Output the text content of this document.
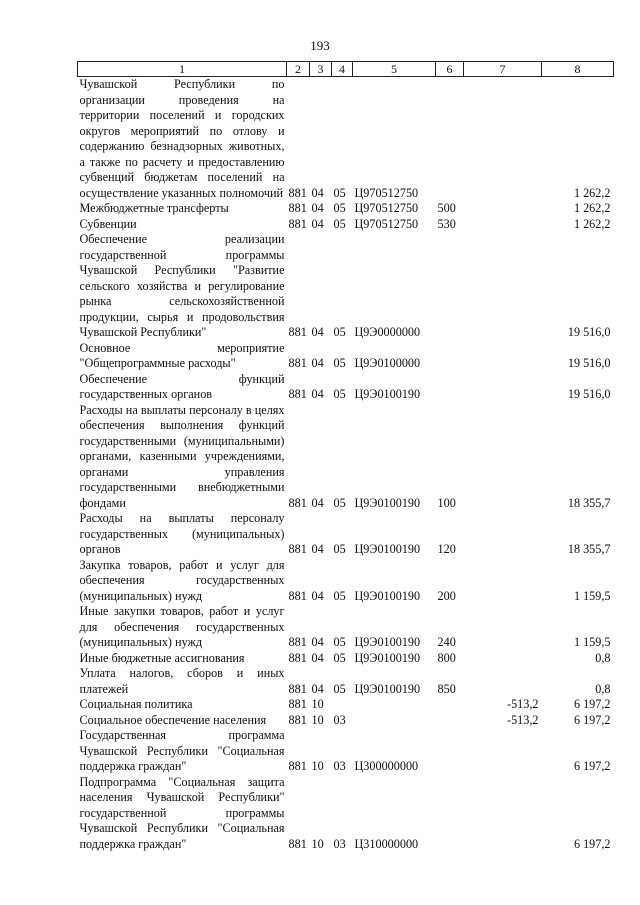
193
1	2	3	4	5	6	7	8
Чувашской Республики по организации проведения на территории поселений и городских округов мероприятий по отлову и содержанию безнадзорных животных, а также по расчету и предоставлению субвенций бюджетам поселений на осуществление указанных полномочий	881	04	05	Ц970512750			1 262,2
Межбюджетные трансферты	881	04	05	Ц970512750	500		1 262,2
Субвенции	881	04	05	Ц970512750	530		1 262,2
Обеспечение реализации государственной программы Чувашской Республики "Развитие сельского хозяйства и регулирование рынка сельскохозяйственной продукции, сырья и продовольствия Чувашской Республики"	881	04	05	Ц9Э0000000			19 516,0
Основное мероприятие "Общепрограммные расходы"	881	04	05	Ц9Э0100000			19 516,0
Обеспечение функций государственных органов	881	04	05	Ц9Э0100190			19 516,0
Расходы на выплаты персоналу в целях обеспечения выполнения функций государственными (муниципальными) органами, казенными учреждениями, органами управления государственными внебюджетными фондами	881	04	05	Ц9Э0100190	100		18 355,7
Расходы на выплаты персоналу государственных (муниципальных) органов	881	04	05	Ц9Э0100190	120		18 355,7
Закупка товаров, работ и услуг для обеспечения государственных (муниципальных) нужд	881	04	05	Ц9Э0100190	200		1 159,5
Иные закупки товаров, работ и услуг для обеспечения государственных (муниципальных) нужд	881	04	05	Ц9Э0100190	240		1 159,5
Иные бюджетные ассигнования	881	04	05	Ц9Э0100190	800		0,8
Уплата налогов, сборов и иных платежей	881	04	05	Ц9Э0100190	850		0,8
Социальная политика	881	10				-513,2	6 197,2
Социальное обеспечение населения	881	10	03			-513,2	6 197,2
Государственная программа Чувашской Республики "Социальная поддержка граждан"	881	10	03	Ц300000000			6 197,2
Подпрограмма "Социальная защита населения Чувашской Республики" государственной программы Чувашской Республики "Социальная поддержка граждан"	881	10	03	Ц310000000			6 197,2
